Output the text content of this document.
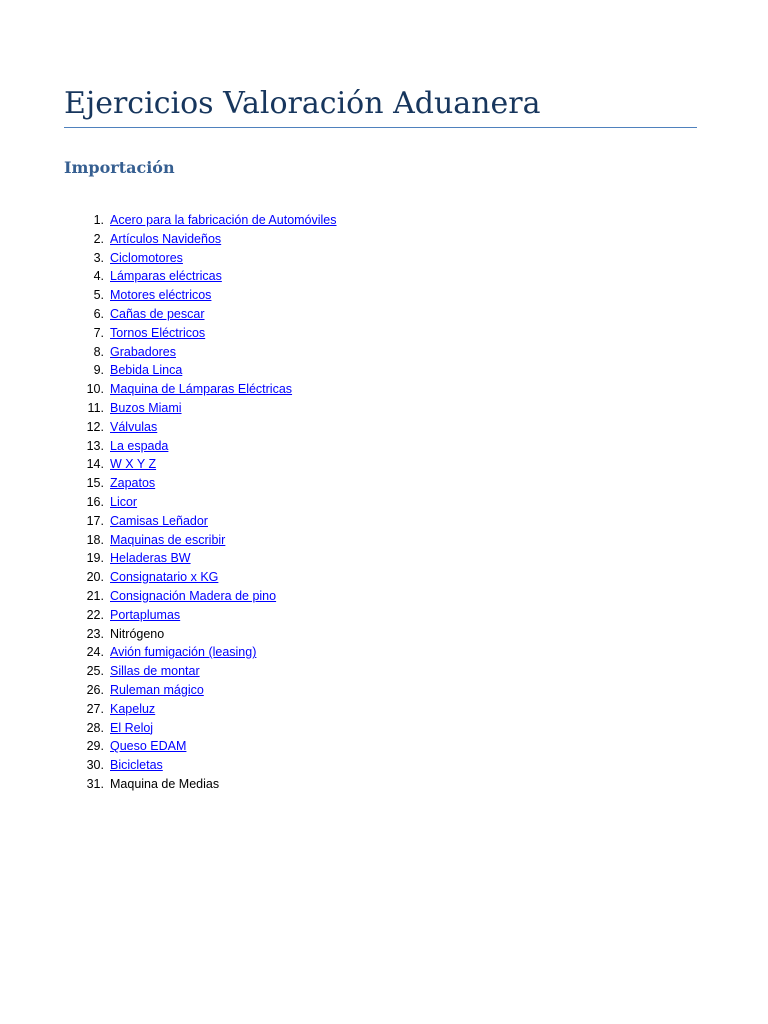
Ejercicios Valoración Aduanera
Importación
1. Acero para la fabricación de Automóviles
2. Artículos Navideños
3. Ciclomotores
4. Lámparas eléctricas
5. Motores eléctricos
6. Cañas de pescar
7. Tornos Eléctricos
8. Grabadores
9. Bebida Linca
10. Maquina de Lámparas Eléctricas
11. Buzos Miami
12. Válvulas
13. La espada
14. W X Y Z
15. Zapatos
16. Licor
17. Camisas Leñador
18. Maquinas de escribir
19. Heladeras BW
20. Consignatario x KG
21. Consignación Madera de pino
22. Portaplumas
23. Nitrógeno
24. Avión fumigación (leasing)
25. Sillas de montar
26. Ruleman mágico
27. Kapeluz
28. El Reloj
29. Queso EDAM
30. Bicicletas
31. Maquina de Medias
